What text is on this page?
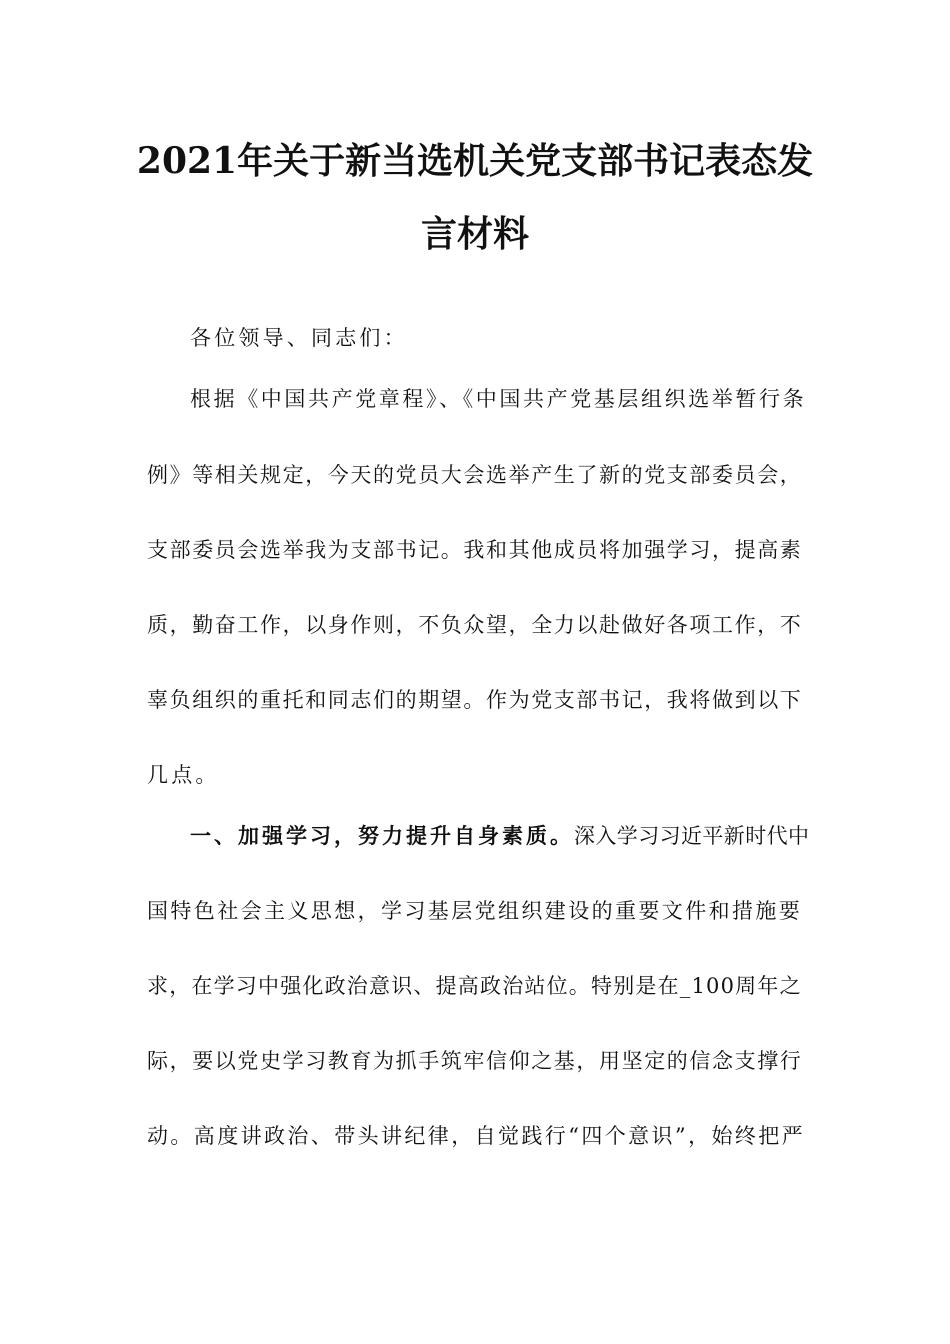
2021年关于新当选机关党支部书记表态发
言材料
各位领导、同志们：
根据《中国共产党章程》、《中国共产党基层组织选举暂行条
例》等相关规定，今天的党员大会选举产生了新的党支部委员会，
支部委员会选举我为支部书记。我和其他成员将加强学习，提高素
质，勤奋工作，以身作则，不负众望，全力以赴做好各项工作，不
辜负组织的重托和同志们的期望。作为党支部书记，我将做到以下
几点。
一、加强学习，努力提升自身素质。深入学习习近平新时代中
国特色社会主义思想，学习基层党组织建设的重要文件和措施要
求，在学习中强化政治意识、提高政治站位。特别是在_100周年之
际，要以党史学习教育为抓手筑牢信仰之基，用坚定的信念支撑行
动。高度讲政治、带头讲纪律，自觉践行“四个意识”，始终把严
